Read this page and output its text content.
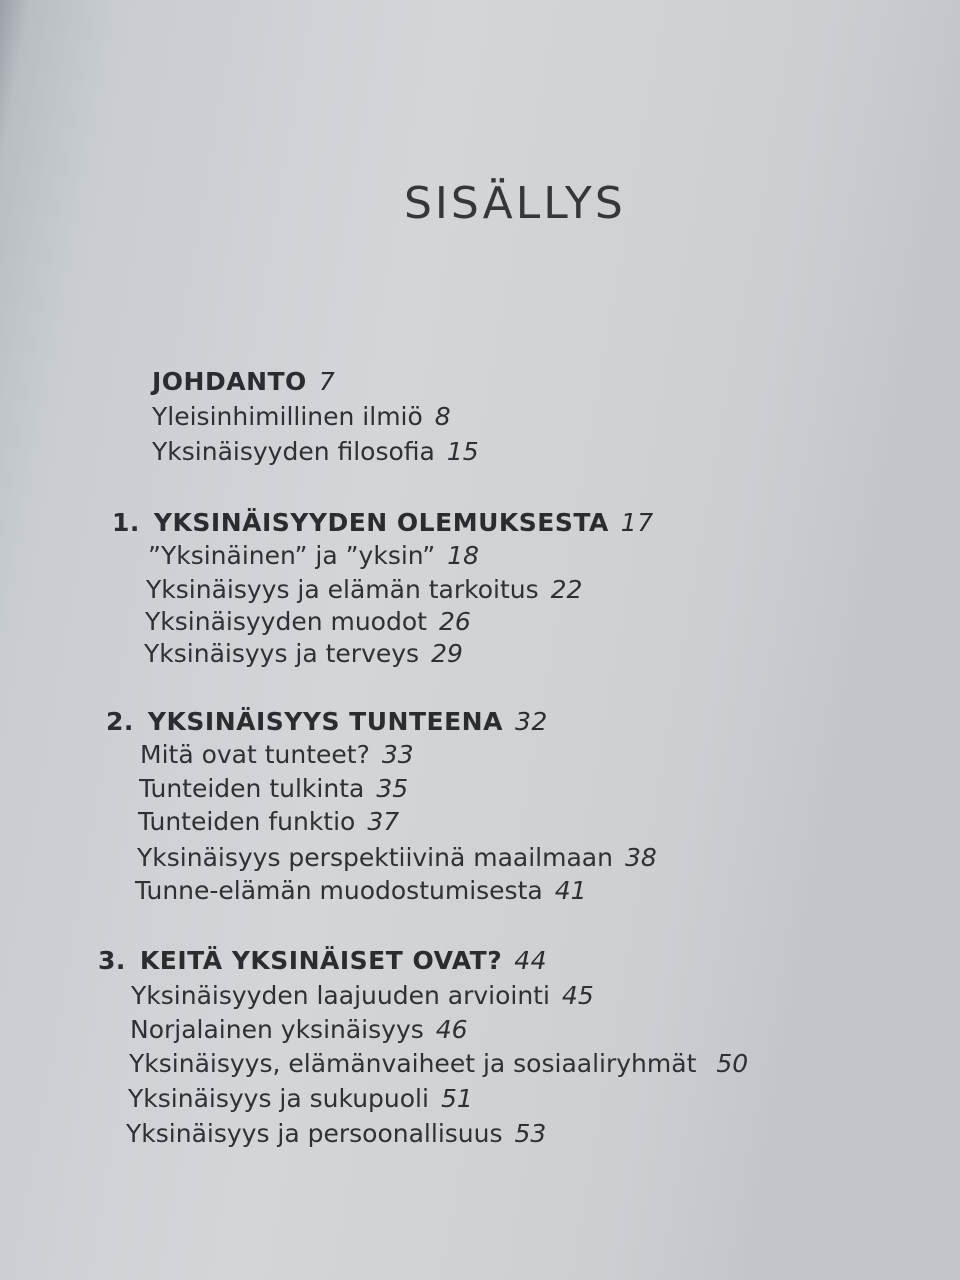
SISÄLLYS
JOHDANTO 7
Yleisinhimillinen ilmiö 8
Yksinäisyyden filosofia 15
1. YKSINÄISYYDEN OLEMUKSESTA 17
”Yksinäinen” ja ”yksin” 18
Yksinäisyys ja elämän tarkoitus 22
Yksinäisyyden muodot 26
Yksinäisyys ja terveys 29
2. YKSINÄISYYS TUNTEENA 32
Mitä ovat tunteet? 33
Tunteiden tulkinta 35
Tunteiden funktio 37
Yksinäisyys perspektiivinä maailmaan 38
Tunne-elämän muodostumisesta 41
3. KEITÄ YKSINÄISET OVAT? 44
Yksinäisyyden laajuuden arviointi 45
Norjalainen yksinäisyys 46
Yksinäisyys, elämänvaiheet ja sosiaaliryhmät 50
Yksinäisyys ja sukupuoli 51
Yksinäisyys ja persoonallisuus 53
